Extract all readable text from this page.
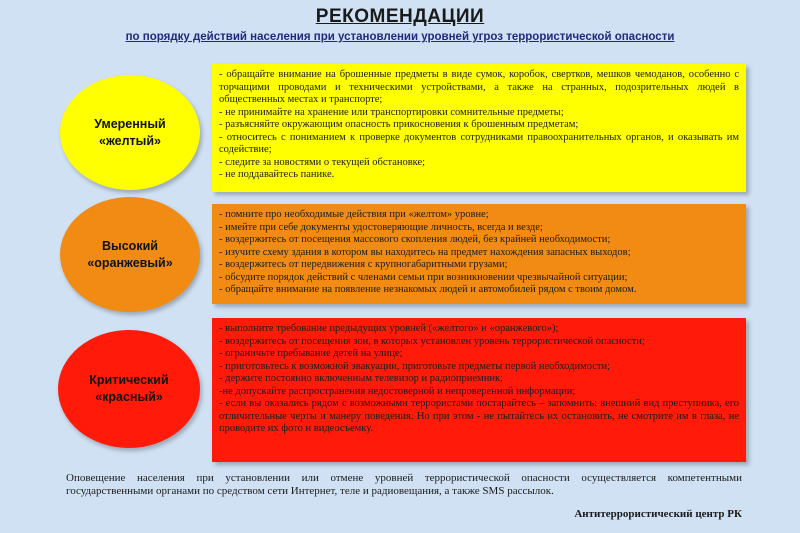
РЕКОМЕНДАЦИИ
по порядку действий населения при установлении уровней угроз террористической опасности
Умеренный
«желтый»
- обращайте внимание на брошенные предметы в виде сумок, коробок, свертков, мешков чемоданов, особенно с торчащими проводами и техническими устройствами, а также на странных, подозрительных людей в общественных местах и транспорте;
- не принимайте на хранение или транспортировки сомнительные предметы;
- разъясняйте окружающим опасность прикосновения к брошенным предметам;
- относитесь с пониманием к проверке документов сотрудниками правоохранительных органов, и оказывать им содействие;
- следите за новостями о текущей обстановке;
- не поддавайтесь панике.
Высокий
«оранжевый»
- помните про необходимые действия при «желтом» уровне;
- имейте при себе документы удостоверяющие личность, всегда и везде;
- воздержитесь от посещения массового скопления людей, без крайней необходимости;
- изучите схему здания в котором вы находитесь на предмет нахождения запасных выходов;
- воздержитесь от передвижения с крупногабаритными грузами;
- обсудите порядок действий с членами семьи при возникновении чрезвычайной ситуации;
- обращайте внимание на появление незнакомых людей и автомобилей рядом с твоим домом.
Критический
«красный»
- выполните требование предыдущих уровней («желтого» и «оранжевого»);
- воздержитесь от посещения зон, в которых установлен уровень террористической опасности;
- ограничьте пребывание детей на улице;
- приготовьтесь к возможной эвакуации, приготовьте предметы первой необходимости;
- держите постоянно включенным телевизор и радиоприемник;
-не допускайте распространения недостоверной и непроверенной информации;
- если вы оказались рядом с возможными террористами постарайтесь – запомнить: внешний вид преступника, его отличительные черты и манеру поведения. Но при этом - не пытайтесь их остановить, не смотрите им в глаза, не проводите их фото и видеосъемку.
Оповещение населения при установлении или отмене уровней террористической опасности осуществляется компетентными государственными органами по средством сети Интернет, теле и радиовещания, а также SMS рассылок.
Антитеррористический центр РК
